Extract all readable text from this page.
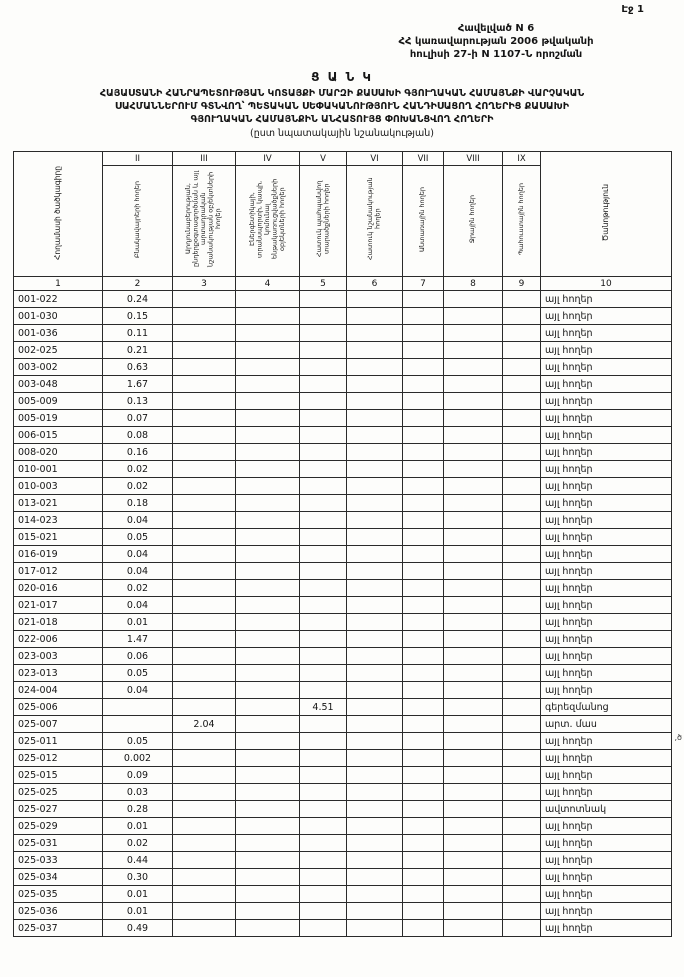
Էջ 1
Հավելված N 6
ՀՀ կառավարության 2006 թվականի
հուլիսի 27-ի N 1107-Ն որոշման
Ց Ա Ն Կ
ՀԱՅԱՍՏԱՆԻ ՀԱՆՐԱՊԵՏՈՒԹՅԱՆ ԿՈՏԱՅՔԻ ՄԱՐԶԻ ՔԱՍԱԽԻ ԳՅՈՒՂԱԿԱՆ ՀԱՄԱՅՆՔԻ ՎԱՐՉԱԿԱՆ
ՍԱՀՄԱՆՆԵՐՈՒՄ ԳՏՆՎՈՂ՝ ՊԵՏԱԿԱՆ ՍԵՓԱԿԱՆՈՒԹՅՈՒՆ ՀԱՆԴԻՍԱՑՈՂ ՀՈՂԵՐԻՑ ՔԱՍԱԽԻ
ԳՅՈՒՂԱԿԱՆ ՀԱՄԱՅՆՔԻՆ ԱՆՀԱՏՈՒՅՑ ՓՈԽԱՆՑՎՈՂ ՀՈՂԵՐԻ
(ըստ նպատակային նշանակության)
Հողամասի ծածկագիրը	II	III	IV	V	VI	VII	VIII	IX	Ծանոթություն
	Բնակավայրերի հողեր	Արդյունաբերության, ընդերքօգտագործման և այլ արտադրական նշանակության օբյեկտների հողեր	Էներգետիկայի, տրանսպորտի, կապի, կոմունալ ենթակառուցվածքների օբյեկտների հողեր	Հատուկ պահպանվող տարածքների հողեր	Հատուկ նշանակության հողեր	Անտառային հողեր	Ջրային հողեր	Պահուստային հողեր	
1	2	3	4	5	6	7	8	9	10
001-022	0.24								այլ հողեր
001-030	0.15								այլ հողեր
001-036	0.11								այլ հողեր
002-025	0.21								այլ հողեր
003-002	0.63								այլ հողեր
003-048	1.67								այլ հողեր
005-009	0.13								այլ հողեր
005-019	0.07								այլ հողեր
006-015	0.08								այլ հողեր
008-020	0.16								այլ հողեր
010-001	0.02								այլ հողեր
010-003	0.02								այլ հողեր
013-021	0.18								այլ հողեր
014-023	0.04								այլ հողեր
015-021	0.05								այլ հողեր
016-019	0.04								այլ հողեր
017-012	0.04								այլ հողեր
020-016	0.02								այլ հողեր
021-017	0.04								այլ հողեր
021-018	0.01								այլ հողեր
022-006	1.47								այլ հողեր
023-003	0.06								այլ հողեր
023-013	0.05								այլ հողեր
024-004	0.04								այլ հողեր
025-006				4.51					գերեզմանոց
025-007		2.04							արտ. մաս
025-011	0.05								այլ հողեր
025-012	0.002								այլ հողեր
025-015	0.09								այլ հողեր
025-025	0.03								այլ հողեր
025-027	0.28								ավտոտնակ
025-029	0.01								այլ հողեր
025-031	0.02								այլ հողեր
025-033	0.44								այլ հողեր
025-034	0.30								այլ հողեր
025-035	0.01								այլ հողեր
025-036	0.01								այլ հողեր
025-037	0.49								այլ հողեր
,ծ
